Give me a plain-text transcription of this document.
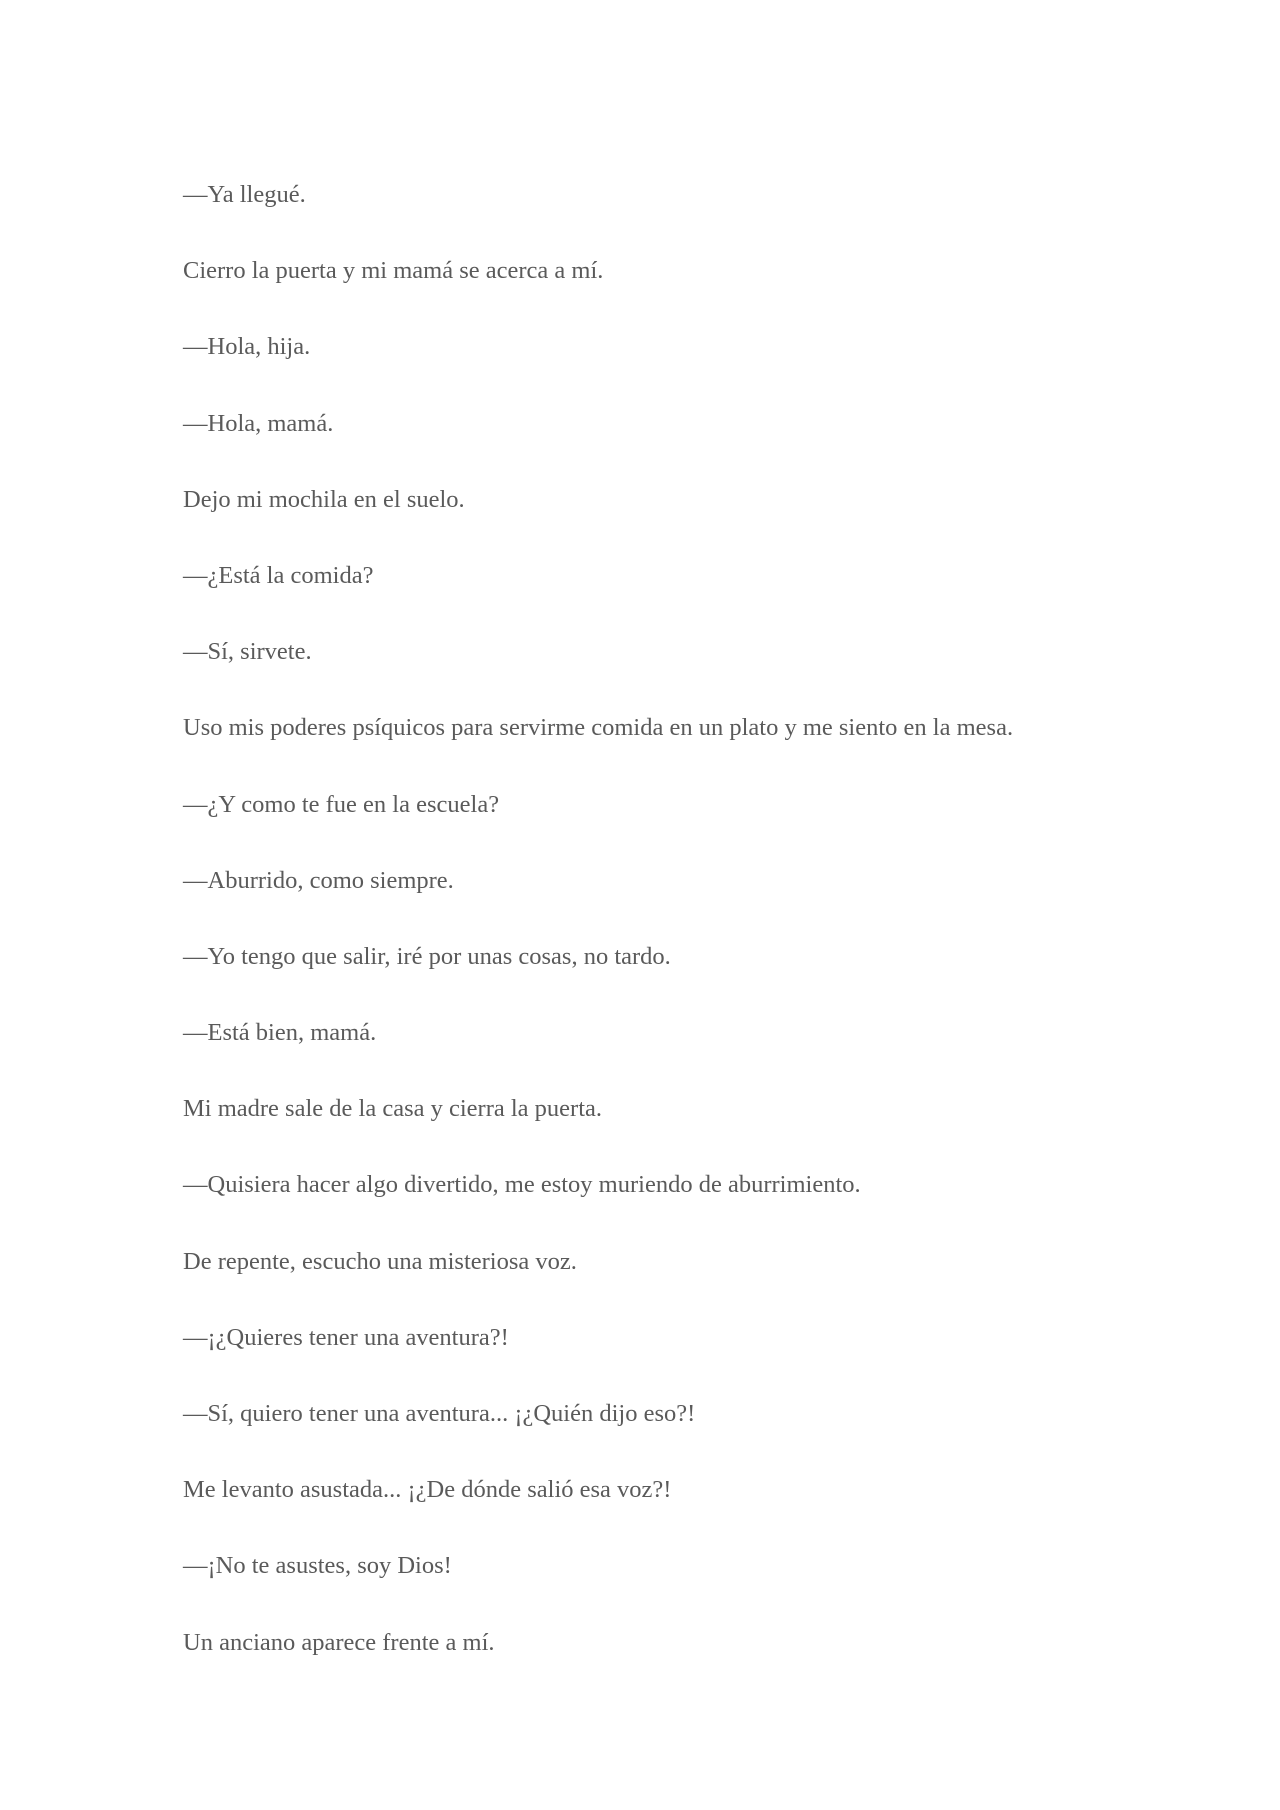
—Ya llegué.

Cierro la puerta y mi mamá se acerca a mí.

—Hola, hija.

—Hola, mamá.

Dejo mi mochila en el suelo.

—¿Está la comida?

—Sí, sirvete.

Uso mis poderes psíquicos para servirme comida en un plato y me siento en la mesa.

—¿Y como te fue en la escuela?

—Aburrido, como siempre.

—Yo tengo que salir, iré por unas cosas, no tardo.

—Está bien, mamá.

Mi madre sale de la casa y cierra la puerta.

—Quisiera hacer algo divertido, me estoy muriendo de aburrimiento.

De repente, escucho una misteriosa voz.

—¡¿Quieres tener una aventura?!

—Sí, quiero tener una aventura... ¡¿Quién dijo eso?!

Me levanto asustada... ¡¿De dónde salió esa voz?!

—¡No te asustes, soy Dios!

Un anciano aparece frente a mí.
